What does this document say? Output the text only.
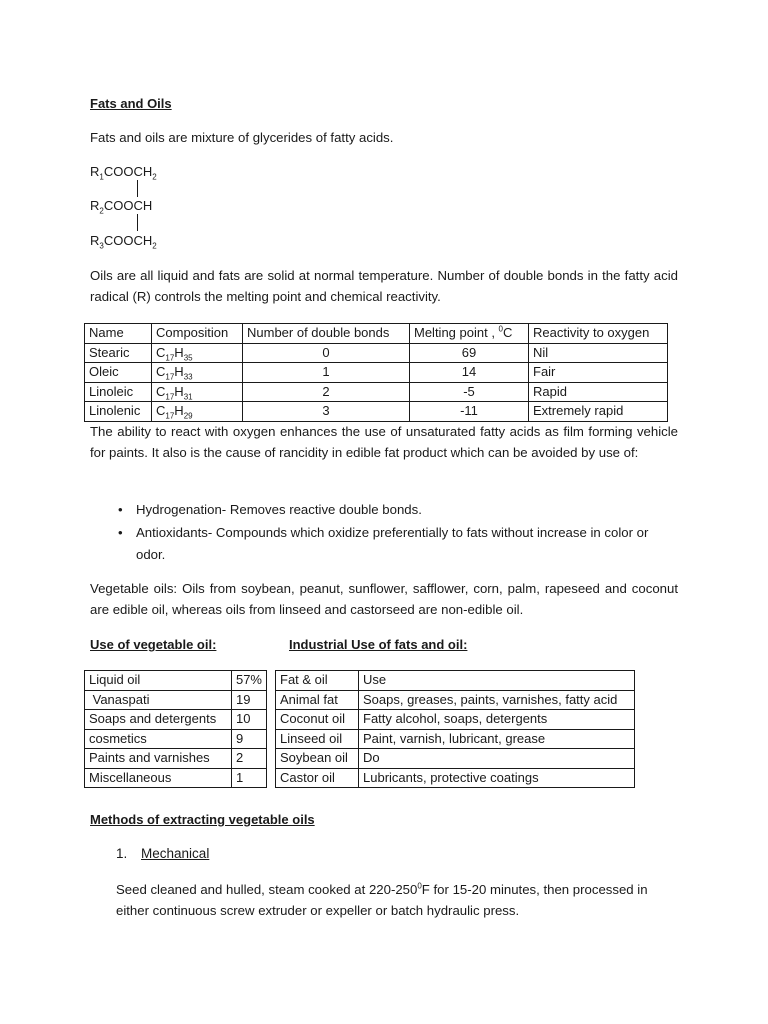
Fats and Oils
Fats and oils are mixture of glycerides of fatty acids.
$R_1COOCH_2$
$R_2COOCH$
$R_3COOCH_2$
Oils are all liquid and fats are solid at normal temperature. Number of double bonds in the fatty acid radical (R) controls the melting point and chemical reactivity.
Name	Composition	Number of double bonds	Melting point , $^0$C	Reactivity to oxygen
Stearic	$C_{17}H_{35}$	0	69	Nil
Oleic	$C_{17}H_{33}$	1	14	Fair
Linoleic	$C_{17}H_{31}$	2	-5	Rapid
Linolenic	$C_{17}H_{29}$	3	-11	Extremely rapid
The ability to react with oxygen enhances the use of unsaturated fatty acids as film forming vehicle for paints. It also is the cause of rancidity in edible fat product which can be avoided by use of:
• Hydrogenation- Removes reactive double bonds.
• Antioxidants- Compounds which oxidize preferentially to fats without increase in color or odor.
Vegetable oils: Oils from soybean, peanut, sunflower, safflower, corn, palm, rapeseed and coconut are edible oil, whereas oils from linseed and castorseed are non-edible oil.
Use of vegetable oil:	Industrial Use of fats and oil:
Liquid oil	57%
Vanaspati	19
Soaps and detergents	10
cosmetics	9
Paints and varnishes	2
Miscellaneous	1
Fat & oil	Use
Animal fat	Soaps, greases, paints, varnishes, fatty acid
Coconut oil	Fatty alcohol, soaps, detergents
Linseed oil	Paint, varnish, lubricant, grease
Soybean oil	Do
Castor oil	Lubricants, protective coatings
Methods of extracting vegetable oils
1. Mechanical
Seed cleaned and hulled, steam cooked at $220-250^0F$ for 15-20 minutes, then processed in either continuous screw extruder or expeller or batch hydraulic press.
